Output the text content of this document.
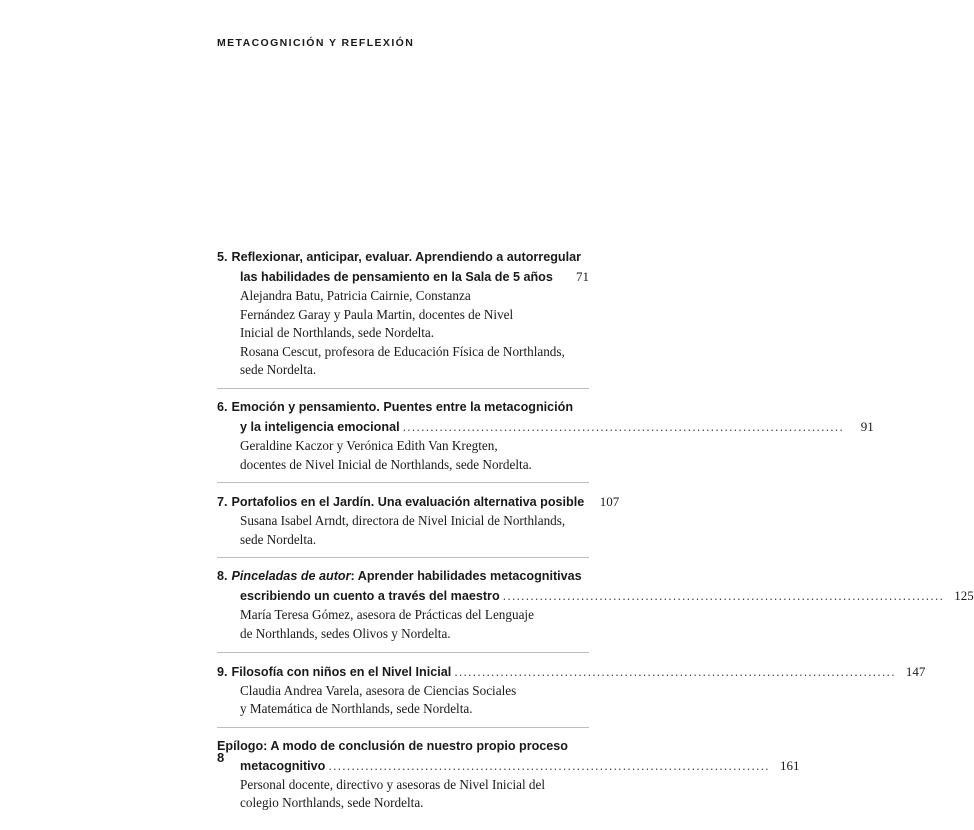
METACOGNICIÓN Y REFLEXIÓN
5. Reflexionar, anticipar, evaluar. Aprendiendo a autorregular
las habilidades de pensamiento en la Sala de 5 años . . .	71
Alejandra Batu, Patricia Cairnie, Constanza
Fernández Garay y Paula Martin, docentes de Nivel
Inicial de Northlands, sede Nordelta.
Rosana Cescut, profesora de Educación Física de Northlands,
sede Nordelta.
6. Emoción y pensamiento. Puentes entre la metacognición
y la inteligencia emocional . . .	91
Geraldine Kaczor y Verónica Edith Van Kregten,
docentes de Nivel Inicial de Northlands, sede Nordelta.
7. Portafolios en el Jardín. Una evaluación alternativa posible	107
Susana Isabel Arndt, directora de Nivel Inicial de Northlands,
sede Nordelta.
8. Pinceladas de autor: Aprender habilidades metacognitivas
escribiendo un cuento a través del maestro . . .	125
María Teresa Gómez, asesora de Prácticas del Lenguaje
de Northlands, sedes Olivos y Nordelta.
9. Filosofía con niños en el Nivel Inicial . . .	147
Claudia Andrea Varela, asesora de Ciencias Sociales
y Matemática de Northlands, sede Nordelta.
Epílogo: A modo de conclusión de nuestro propio proceso
metacognitivo . . .	161
Personal docente, directivo y asesoras de Nivel Inicial del
colegio Northlands, sede Nordelta.
8
